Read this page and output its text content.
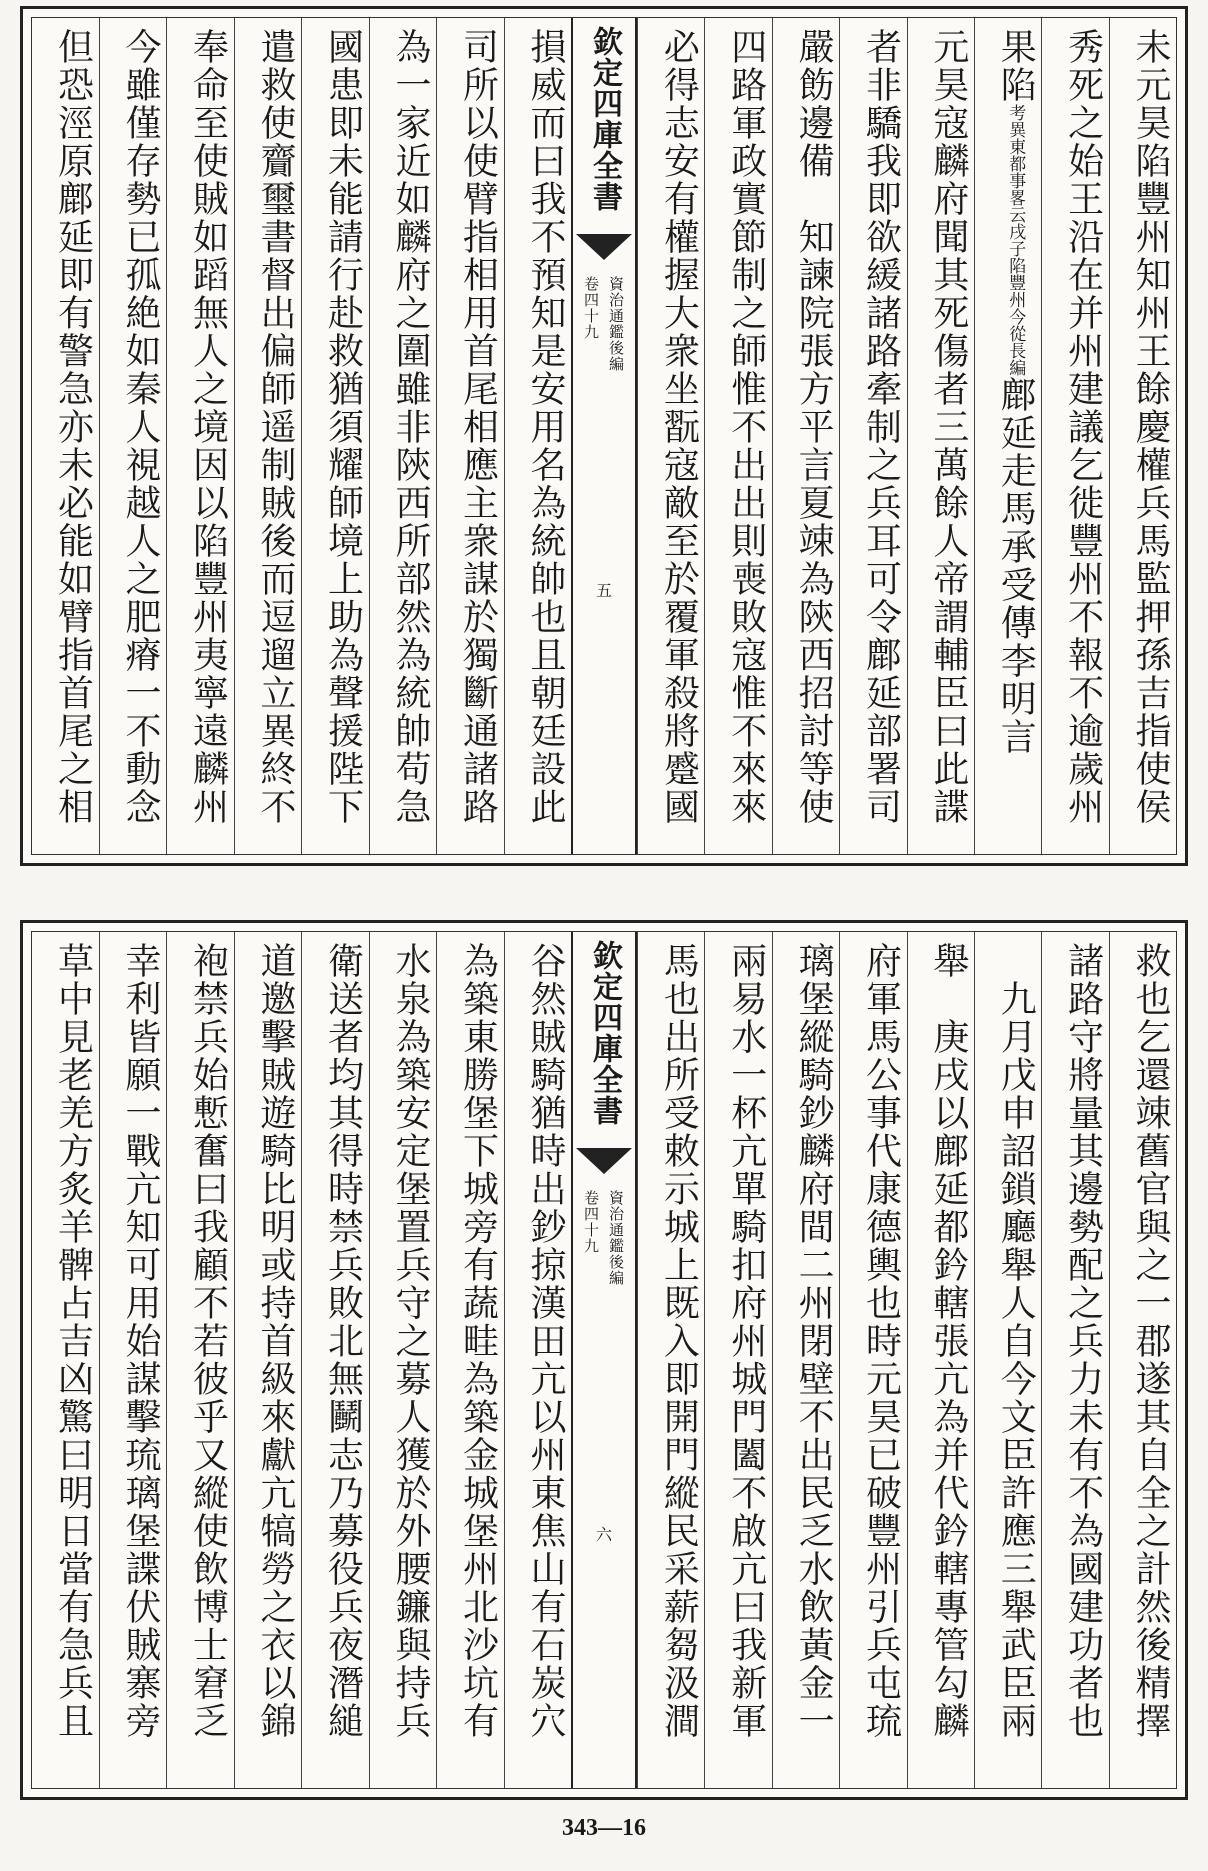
未元昊陷豐州知州王餘慶權兵馬監押孫吉指使侯
秀死之始王沿在并州建議乞徙豐州不報不逾歲州
果陷考異東都事畧云戌子陷豐州今從長編鄜延走馬承受傳李明言
元昊寇麟府聞其死傷者三萬餘人帝謂輔臣曰此諜
者非驕我即欲緩諸路牽制之兵耳可令鄜延部署司
嚴飭邊備　知諫院張方平言夏竦為陝西招討等使
四路軍政實節制之師惟不出出則喪敗寇惟不來來
必得志安有權握大衆坐翫寇敵至於覆軍殺將蹙國
欽定四庫全書
資治通鑑後編
卷四十九
五
損威而曰我不預知是安用名為統帥也且朝廷設此
司所以使臂指相用首尾相應主衆謀於獨斷通諸路
為一家近如麟府之圍雖非陝西所部然為統帥苟急
國患即未能請行赴救猶須耀師境上助為聲援陛下
遣救使齎璽書督出偏師遥制賊後而逗遛立異終不
奉命至使賊如蹈無人之境因以陷豐州夷寧遠麟州
今雖僅存勢已孤絶如秦人視越人之肥瘠一不動念
但恐涇原鄜延即有警急亦未必能如臂指首尾之相
救也乞還竦舊官與之一郡遂其自全之計然後精擇
諸路守將量其邊勢配之兵力未有不為國建功者也
　九月戊申詔鎖廳舉人自今文臣許應三舉武臣兩
舉　庚戌以鄜延都鈐轄張亢為并代鈐轄專管勾麟
府軍馬公事代康德輿也時元昊已破豐州引兵屯琉
璃堡縱騎鈔麟府間二州閉壁不出民乏水飲黃金一
兩易水一杯亢單騎扣府州城門闔不啟亢曰我新軍
馬也出所受敕示城上既入即開門縱民采薪芻汲澗
欽定四庫全書
資治通鑑後編
卷四十九
六
谷然賊騎猶時出鈔掠漢田亢以州東焦山有石炭穴
為築東勝堡下城旁有蔬畦為築金城堡州北沙坑有
水泉為築安定堡置兵守之募人獲於外腰鐮與持兵
衛送者均其得時禁兵敗北無鬭志乃募役兵夜潛縋
道邀擊賊遊騎比明或持首級來獻亢犒勞之衣以錦
袍禁兵始慙奮曰我顧不若彼乎又縱使飲博士窘乏
幸利皆願一戰亢知可用始謀擊琉璃堡諜伏賊寨旁
草中見老羌方炙羊髀占吉凶驚曰明日當有急兵且
343—16
